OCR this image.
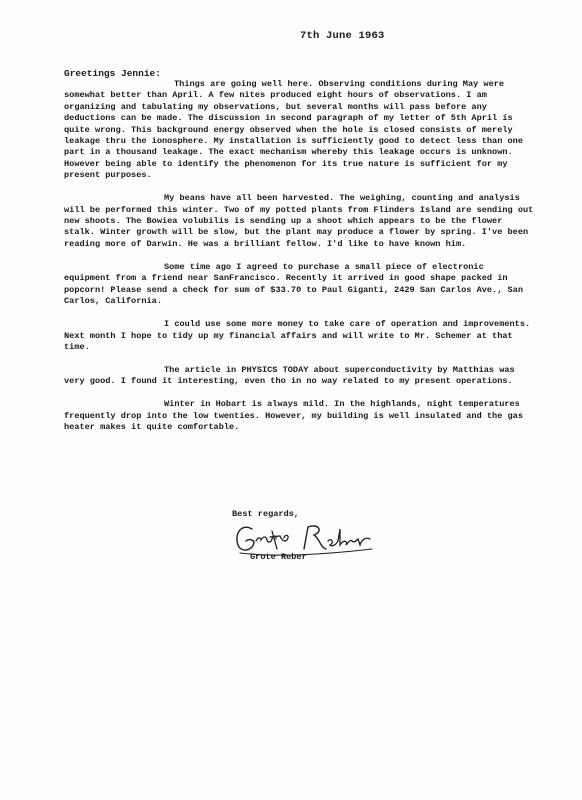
7th June 1963
Greetings Jennie:

Things are going well here. Observing conditions during May were somewhat better than April. A few nites produced eight hours of observations. I am organizing and tabulating my observations, but several months will pass before any deductions can be made. The discussion in second paragraph of my letter of 5th April is quite wrong. This background energy observed when the hole is closed consists of merely leakage thru the ionosphere. My installation is sufficiently good to detect less than one part in a thousand leakage. The exact mechanism whereby this leakage occurs is unknown. However being able to identify the phenomenon for its true nature is sufficient for my present purposes.

My beans have all been harvested. The weighing, counting and analysis will be performed this winter. Two of my potted plants from Flinders Island are sending out new shoots. The Bowiea volubilis is sending up a shoot which appears to be the flower stalk. Winter growth will be slow, but the plant may produce a flower by spring. I've been reading more of Darwin. He was a brilliant fellow. I'd like to have known him.

Some time ago I agreed to purchase a small piece of electronic equipment from a friend near SanFrancisco. Recently it arrived in good shape packed in popcorn! Please send a check for sum of $33.70 to Paul Giganti, 2429 San Carlos Ave., San Carlos, California.

I could use some more money to take care of operation and improvements. Next month I hope to tidy up my financial affairs and will write to Mr. Schemer at that time.

The article in PHYSICS TODAY about superconductivity by Matthias was very good. I found it interesting, even tho in no way related to my present operations.

Winter in Hobart is always mild. In the highlands, night temperatures frequently drop into the low twenties. However, my building is well insulated and the gas heater makes it quite comfortable.

Best regards,
Grote Reber
